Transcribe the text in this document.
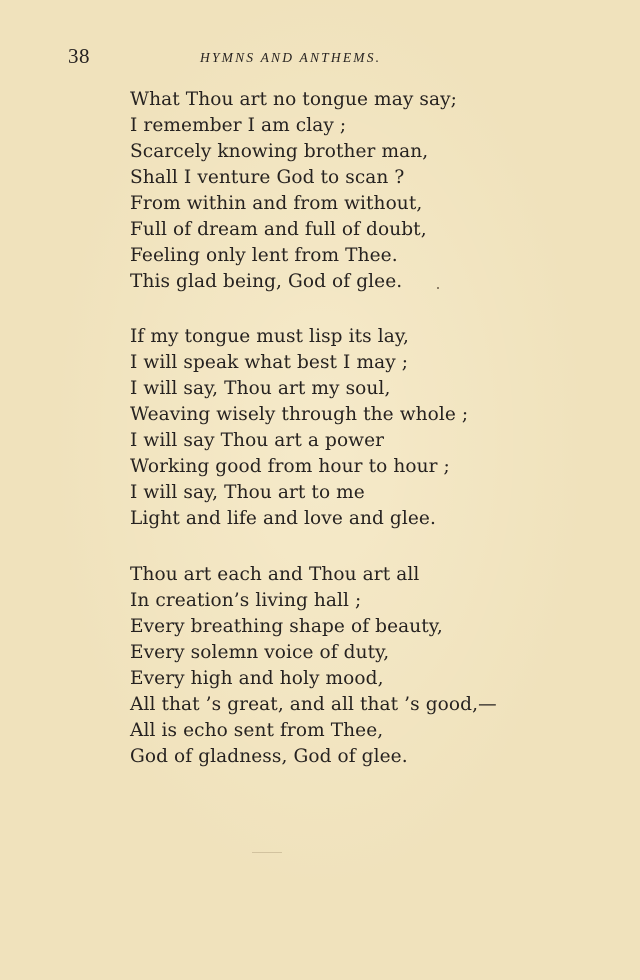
38	HYMNS AND ANTHEMS.
What Thou art no tongue may say;
I remember I am clay ;
Scarcely knowing brother man,
Shall I venture God to scan ?
From within and from without,
Full of dream and full of doubt,
Feeling only lent from Thee.
This glad being, God of glee.
If my tongue must lisp its lay,
I will speak what best I may ;
I will say, Thou art my soul,
Weaving wisely through the whole ;
I will say Thou art a power
Working good from hour to hour ;
I will say, Thou art to me
Light and life and love and glee.
Thou art each and Thou art all
In creation’s living hall ;
Every breathing shape of beauty,
Every solemn voice of duty,
Every high and holy mood,
All that ’s great, and all that ’s good,—
All is echo sent from Thee,
God of gladness, God of glee.
